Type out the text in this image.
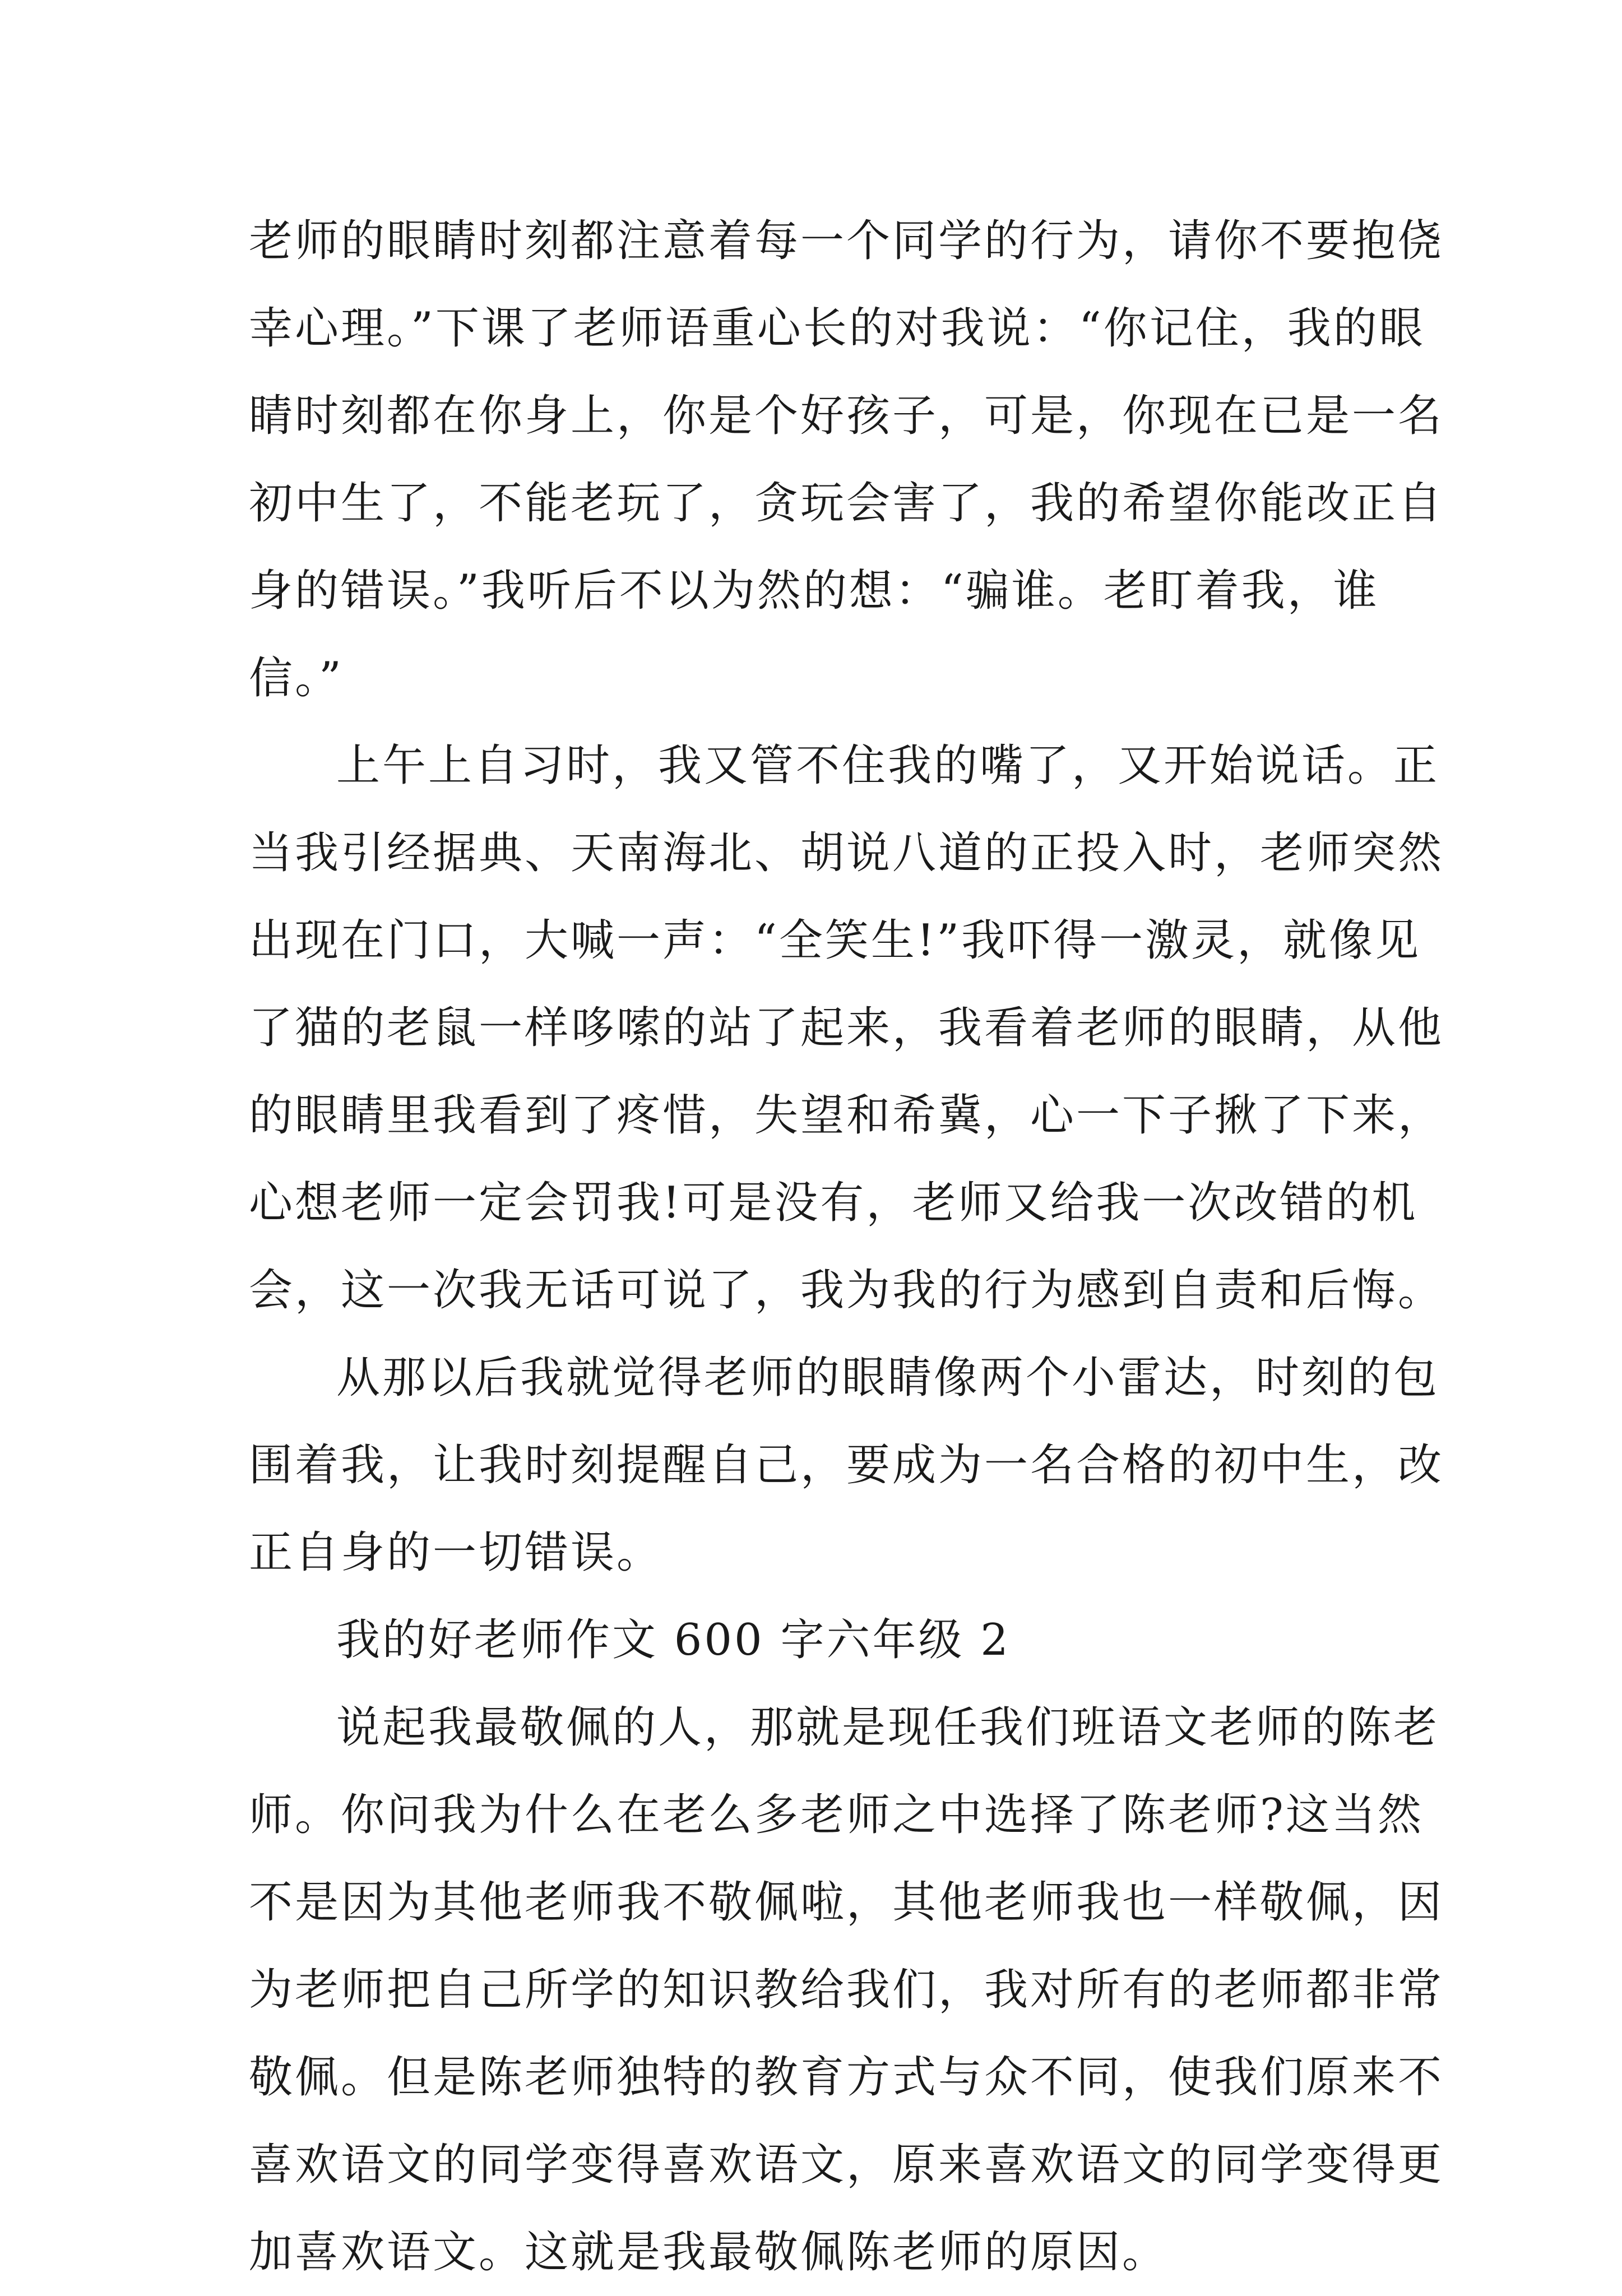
老师的眼睛时刻都注意着每一个同学的行为，请你不要抱侥
幸心理。”下课了老师语重心长的对我说：“你记住，我的眼
睛时刻都在你身上，你是个好孩子，可是，你现在已是一名
初中生了，不能老玩了，贪玩会害了，我的希望你能改正自
身的错误。”我听后不以为然的想：“骗谁。老盯着我，谁
信。”
上午上自习时，我又管不住我的嘴了，又开始说话。正
当我引经据典、天南海北、胡说八道的正投入时，老师突然
出现在门口，大喊一声：“全笑生!”我吓得一激灵，就像见
了猫的老鼠一样哆嗦的站了起来，我看着老师的眼睛，从他
的眼睛里我看到了疼惜，失望和希冀，心一下子揪了下来，
心想老师一定会罚我!可是没有，老师又给我一次改错的机
会，这一次我无话可说了，我为我的行为感到自责和后悔。
从那以后我就觉得老师的眼睛像两个小雷达，时刻的包
围着我，让我时刻提醒自己，要成为一名合格的初中生，改
正自身的一切错误。
我的好老师作文 600 字六年级 2
说起我最敬佩的人，那就是现任我们班语文老师的陈老
师。你问我为什么在老么多老师之中选择了陈老师?这当然
不是因为其他老师我不敬佩啦，其他老师我也一样敬佩，因
为老师把自己所学的知识教给我们，我对所有的老师都非常
敬佩。但是陈老师独特的教育方式与众不同，使我们原来不
喜欢语文的同学变得喜欢语文，原来喜欢语文的同学变得更
加喜欢语文。这就是我最敬佩陈老师的原因。
